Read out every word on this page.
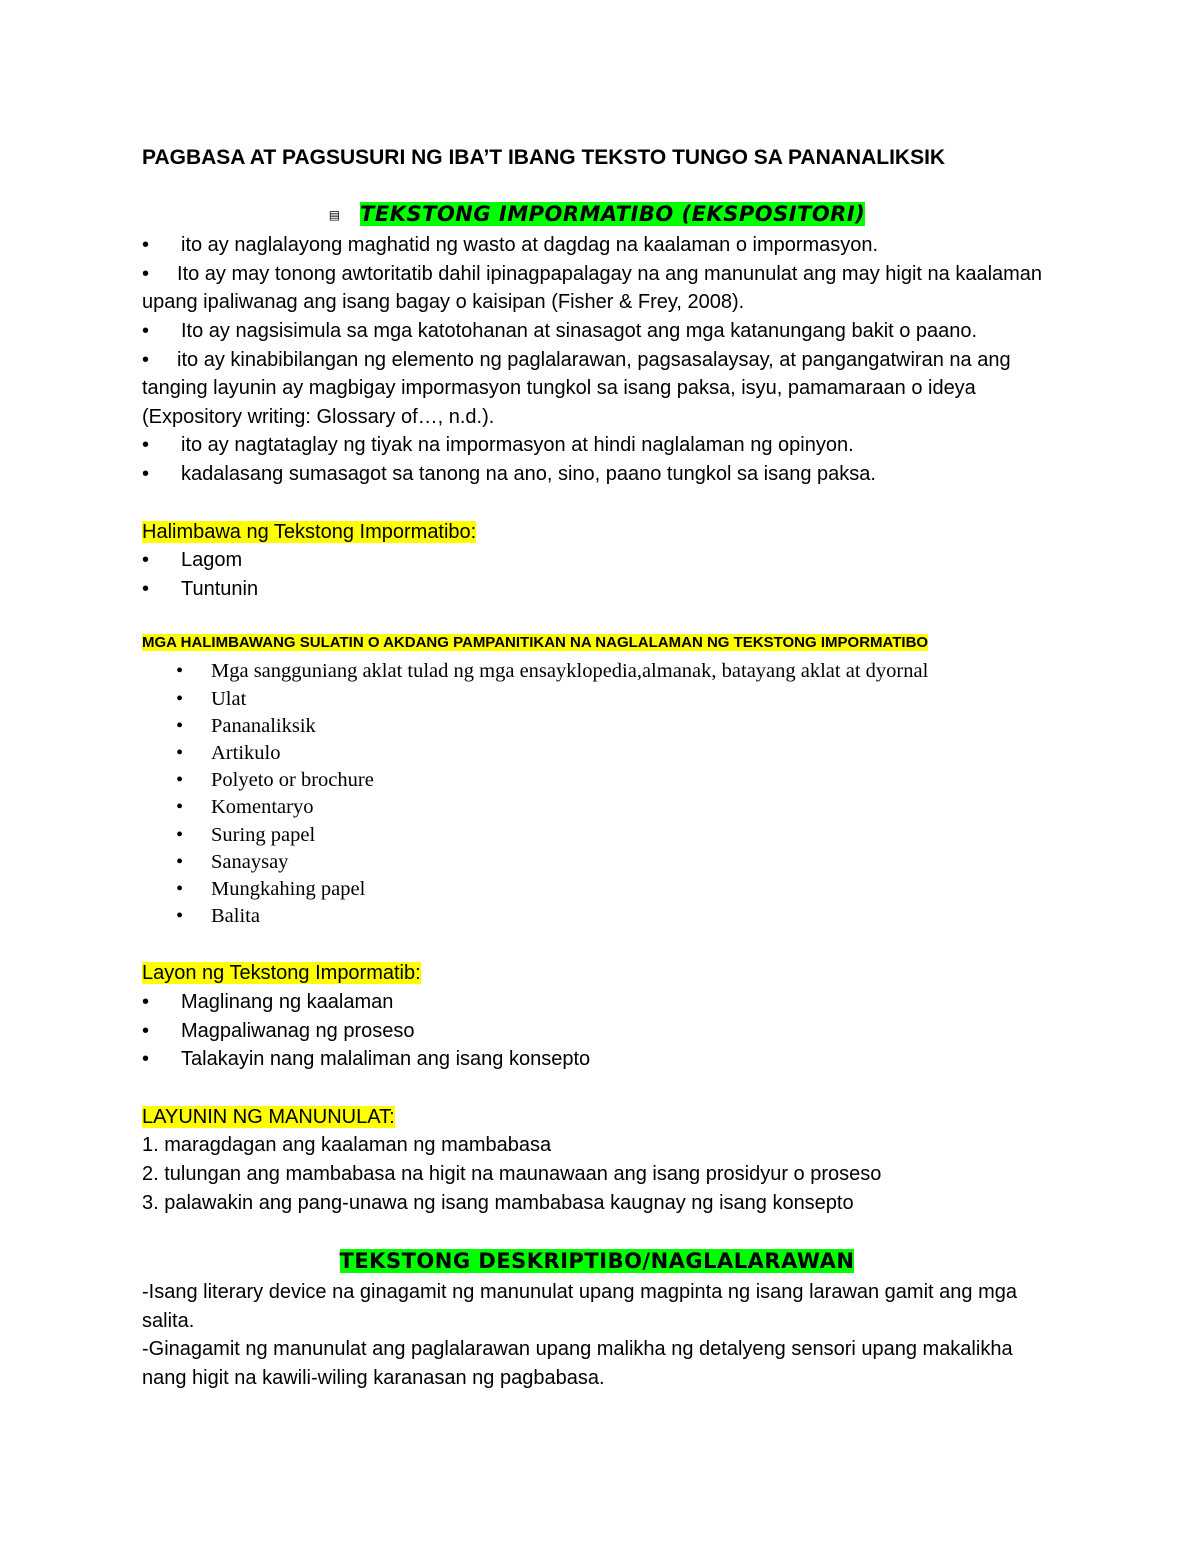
PAGBASA AT PAGSUSURI NG IBA’T IBANG TEKSTO TUNGO SA PANANALIKSIK

▤ TEKSTONG IMPORMATIBO (EKSPOSITORI)
• ito ay naglalayong maghatid ng wasto at dagdag na kaalaman o impormasyon.
• Ito ay may tonong awtoritatib dahil ipinagpapalagay na ang manunulat ang may higit na kaalaman upang ipaliwanag ang isang bagay o kaisipan (Fisher & Frey, 2008).
• Ito ay nagsisimula sa mga katotohanan at sinasagot ang mga katanungang bakit o paano.
• ito ay kinabibilangan ng elemento ng paglalarawan, pagsasalaysay, at pangangatwiran na ang tanging layunin ay magbigay impormasyon tungkol sa isang paksa, isyu, pamamaraan o ideya (Expository writing: Glossary of…, n.d.).
• ito ay nagtataglay ng tiyak na impormasyon at hindi naglalaman ng opinyon.
• kadalasang sumasagot sa tanong na ano, sino, paano tungkol sa isang paksa.
Halimbawa ng Tekstong Impormatibo:
• Lagom
• Tuntunin
MGA HALIMBAWANG SULATIN O AKDANG PAMPANITIKAN NA NAGLALAMAN NG TEKSTONG IMPORMATIBO
• Mga sangguniang aklat tulad ng mga ensayklopedia,almanak, batayang aklat at dyornal
• Ulat
• Pananaliksik
• Artikulo
• Polyeto or brochure
• Komentaryo
• Suring papel
• Sanaysay
• Mungkahing papel
• Balita
Layon ng Tekstong Impormatib:
• Maglinang ng kaalaman
• Magpaliwanag ng proseso
• Talakayin nang malaliman ang isang konsepto
LAYUNIN NG MANUNULAT:

1. maragdagan ang kaalaman ng mambabasa

2. tulungan ang mambabasa na higit na maunawaan ang isang prosidyur o proseso

3. palawakin ang pang-unawa ng isang mambabasa kaugnay ng isang konsepto

TEKSTONG DESKRIPTIBO/NAGLALARAWAN

-Isang literary device na ginagamit ng manunulat upang magpinta ng isang larawan gamit ang mga salita.

-Ginagamit ng manunulat ang paglalarawan upang malikha ng detalyeng sensori upang makalikha nang higit na kawili-wiling karanasan ng pagbabasa.
